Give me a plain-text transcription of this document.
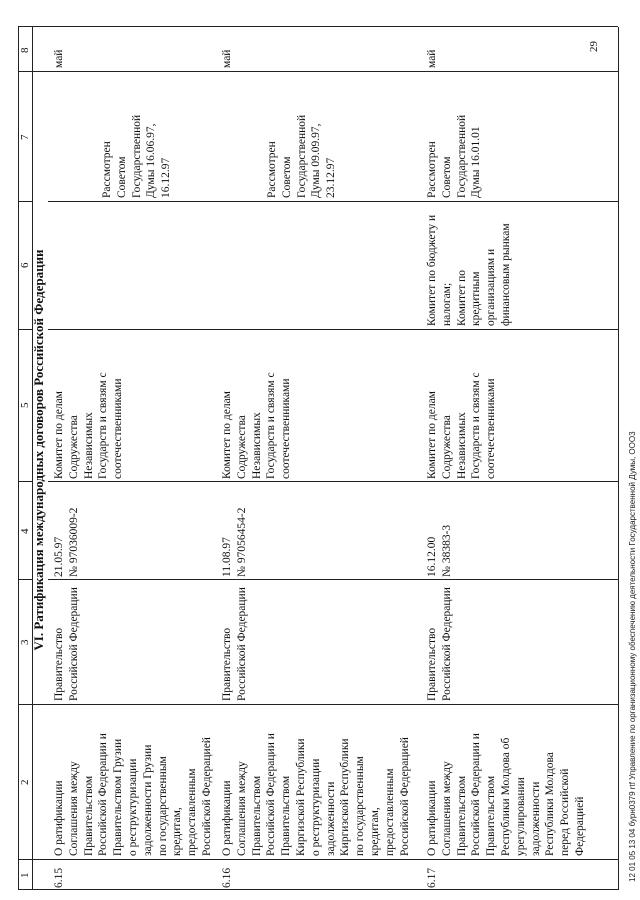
1
2
3
4
5
6
7
8
VI. Ратификация международных договоров Российской Федерации
6.15
О ратификации Соглашения между Правительством Российской Федерации и Правительством Грузии о реструктуризации задолженности Грузии по государственным кредитам, предоставленным Российской Федерацией
Правительство Российской Федерации
21.05.97 № 97036009-2
Комитет по делам Содружества Независимых Государств и связям с соотечественниками
Рассмотрен Советом Государственной Думы 16.06.97, 16.12.97
май
6.16
О ратификации Соглашения между Правительством Российской Федерации и Правительством Киргизской Республики о реструктуризации задолженности Киргизской Республики по государственным кредитам, предоставленным Российской Федерацией
Правительство Российской Федерации
11.08.97 № 97056454-2
Комитет по делам Содружества Независимых Государств и связям с соотечественниками
Рассмотрен Советом Государственной Думы 09.09.97, 23.12.97
май
6.17
О ратификации Соглашения между Правительством Российской Федерации и Правительством Республики Молдова об урегулировании задолженности Республики Молдова перед Российской Федерацией
Правительство Российской Федерации
16.12.00 № 38383-3
Комитет по делам Содружества Независимых Государств и связям с соотечественниками
Комитет по бюджету и налогам; Комитет по кредитным организациям и финансовым рынкам
Рассмотрен Советом Государственной Думы 16.01.01
май
29
12 01 05 13 04 бурн0379 rtf Управление по организационному обеспечению деятельности Государственной Думы, ООО3
